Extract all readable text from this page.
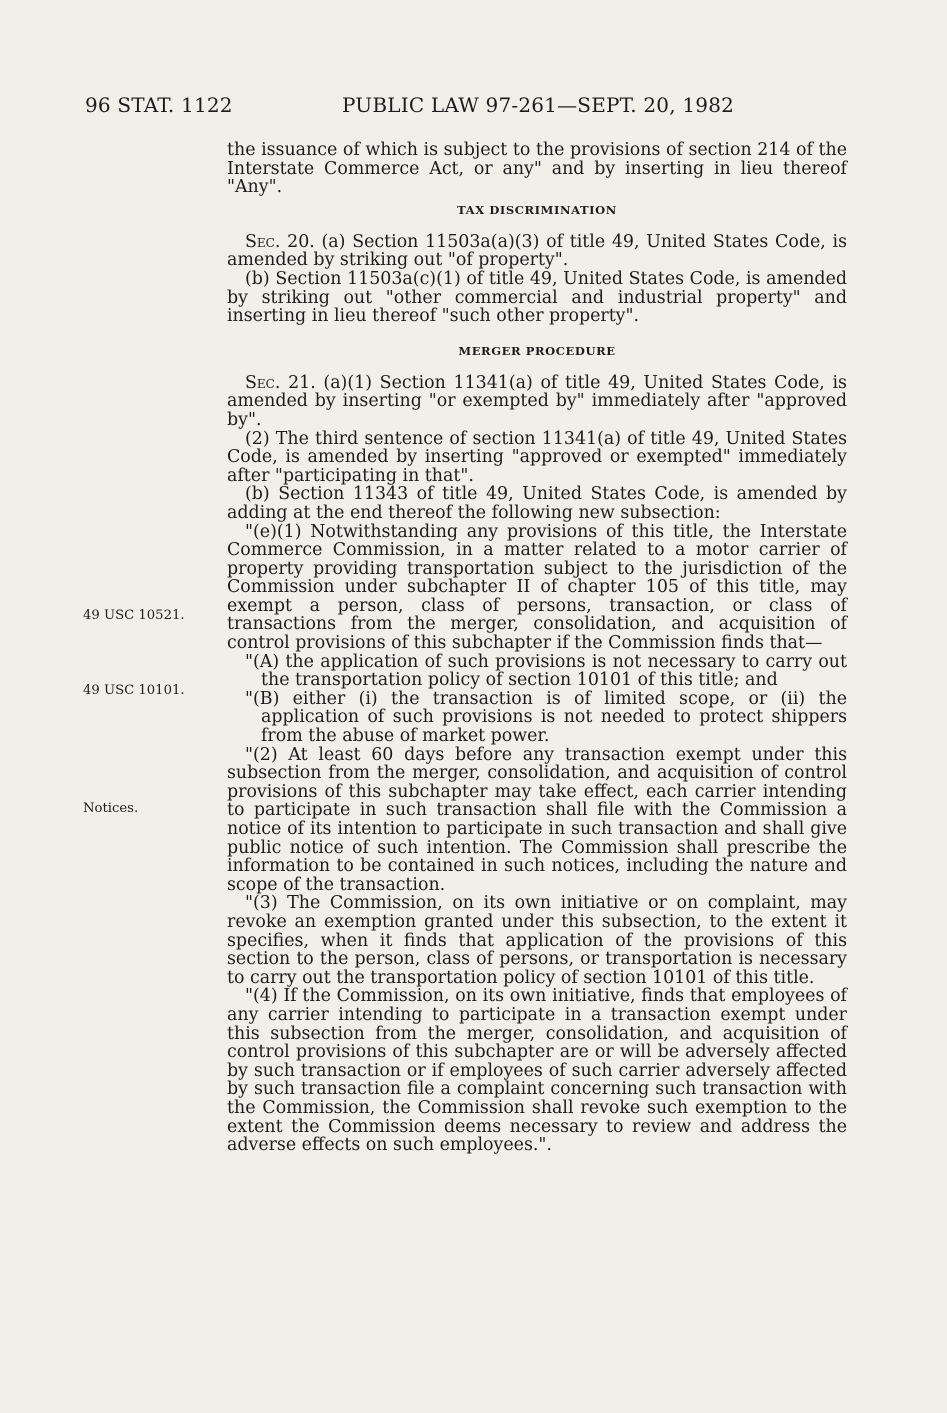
96 STAT. 1122	PUBLIC LAW 97-261—SEPT. 20, 1982
49 USC 10521.
49 USC 10101.
Notices.

the issuance of which is subject to the provisions of section 214 of the Interstate Commerce Act, or any" and by inserting in lieu thereof "Any".

TAX DISCRIMINATION

Sec. 20. (a) Section 11503a(a)(3) of title 49, United States Code, is amended by striking out "of property".

(b) Section 11503a(c)(1) of title 49, United States Code, is amended by striking out "other commercial and industrial property" and inserting in lieu thereof "such other property".

MERGER PROCEDURE

Sec. 21. (a)(1) Section 11341(a) of title 49, United States Code, is amended by inserting "or exempted by" immediately after "approved by".

(2) The third sentence of section 11341(a) of title 49, United States Code, is amended by inserting "approved or exempted" immediately after "participating in that".

(b) Section 11343 of title 49, United States Code, is amended by adding at the end thereof the following new subsection:

"(e)(1) Notwithstanding any provisions of this title, the Interstate Commerce Commission, in a matter related to a motor carrier of property providing transportation subject to the jurisdiction of the Commission under subchapter II of chapter 105 of this title, may exempt a person, class of persons, transaction, or class of transactions from the merger, consolidation, and acquisition of control provisions of this subchapter if the Commission finds that—

"(A) the application of such provisions is not necessary to carry out the transportation policy of section 10101 of this title; and

"(B) either (i) the transaction is of limited scope, or (ii) the application of such provisions is not needed to protect shippers from the abuse of market power.

"(2) At least 60 days before any transaction exempt under this subsection from the merger, consolidation, and acquisition of control provisions of this subchapter may take effect, each carrier intending to participate in such transaction shall file with the Commission a notice of its intention to participate in such transaction and shall give public notice of such intention. The Commission shall prescribe the information to be contained in such notices, including the nature and scope of the transaction.

"(3) The Commission, on its own initiative or on complaint, may revoke an exemption granted under this subsection, to the extent it specifies, when it finds that application of the provisions of this section to the person, class of persons, or transportation is necessary to carry out the transportation policy of section 10101 of this title.

"(4) If the Commission, on its own initiative, finds that employees of any carrier intending to participate in a transaction exempt under this subsection from the merger, consolidation, and acquisition of control provisions of this subchapter are or will be adversely affected by such transaction or if employees of such carrier adversely affected by such transaction file a complaint concerning such transaction with the Commission, the Commission shall revoke such exemption to the extent the Commission deems necessary to review and address the adverse effects on such employees.".
